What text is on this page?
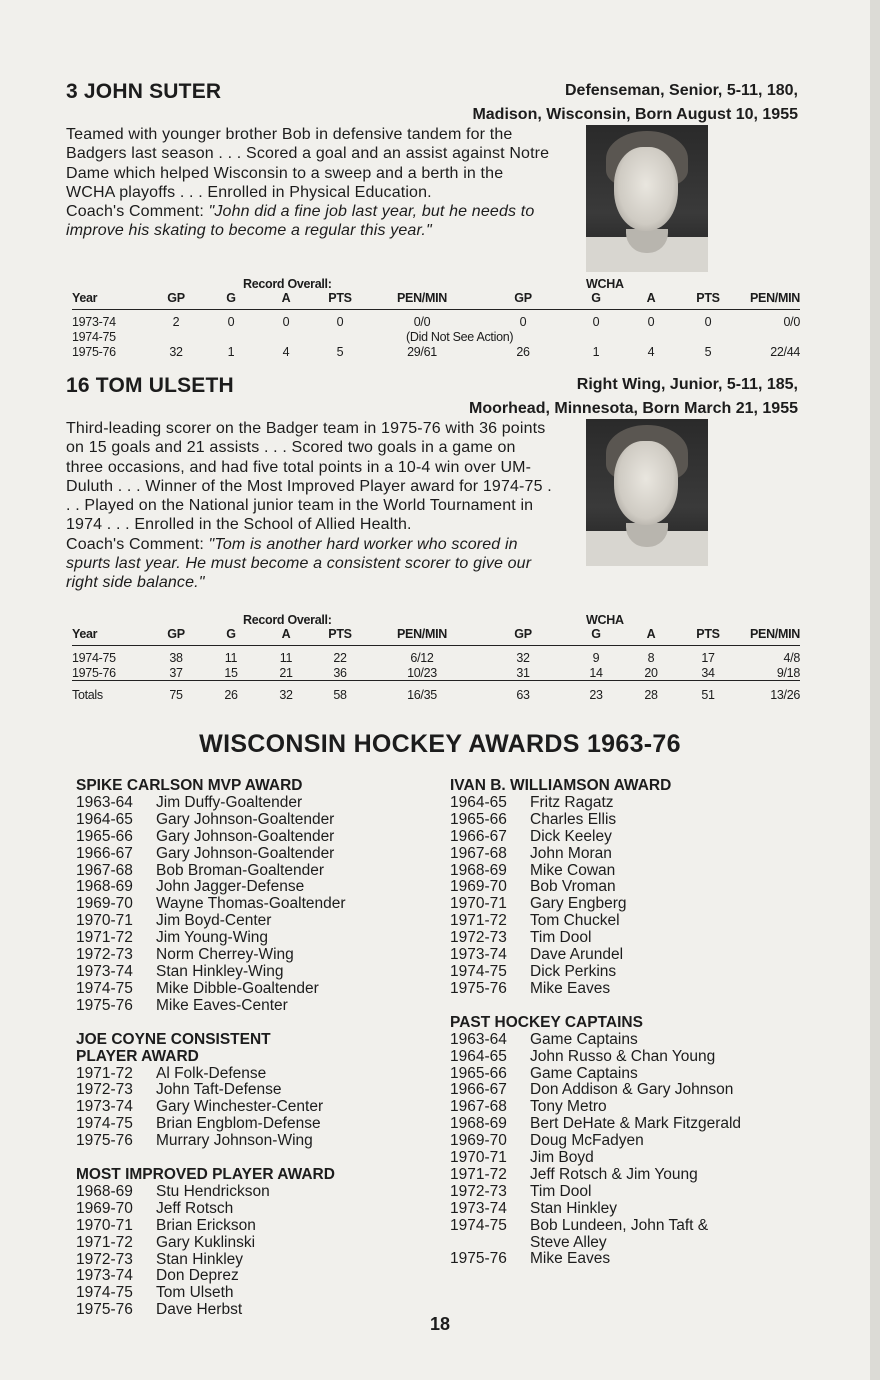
3 JOHN SUTER	Defenseman, Senior, 5-11, 180,
Madison, Wisconsin, Born August 10, 1955
Teamed with younger brother Bob in defensive tandem for the Badgers last season . . . Scored a goal and an assist against Notre Dame which helped Wisconsin to a sweep and a berth in the WCHA playoffs . . . Enrolled in Physical Education.
Coach's Comment: "John did a fine job last year, but he needs to improve his skating to become a regular this year."
	Record Overall:					WCHA				
Year	GP	G	A	PTS	PEN/MIN	GP	G	A	PTS	PEN/MIN

1973-74	2	0	0	0	0/0	0	0	0	0	0/0
1974-75	(Did Not See Action)									
1975-76	32	1	4	5	29/61	26	1	4	5	22/44
16 TOM ULSETH	Right Wing, Junior, 5-11, 185,
Moorhead, Minnesota, Born March 21, 1955
Third-leading scorer on the Badger team in 1975-76 with 36 points on 15 goals and 21 assists . . . Scored two goals in a game on three occasions, and had five total points in a 10-4 win over UM-Duluth . . . Winner of the Most Improved Player award for 1974-75 . . . Played on the National junior team in the World Tournament in 1974 . . . Enrolled in the School of Allied Health.
Coach's Comment: "Tom is another hard worker who scored in spurts last year. He must become a consistent scorer to give our right side balance."
	Record Overall:					WCHA				
Year	GP	G	A	PTS	PEN/MIN	GP	G	A	PTS	PEN/MIN

1974-75	38	11	11	22	6/12	32	9	8	17	4/8
1975-76	37	15	21	36	10/23	31	14	20	34	9/18

Totals	75	26	32	58	16/35	63	23	28	51	13/26
WISCONSIN HOCKEY AWARDS 1963-76
SPIKE CARLSON MVP AWARD
1963-64	Jim Duffy-Goaltender
1964-65	Gary Johnson-Goaltender
1965-66	Gary Johnson-Goaltender
1966-67	Gary Johnson-Goaltender
1967-68	Bob Broman-Goaltender
1968-69	John Jagger-Defense
1969-70	Wayne Thomas-Goaltender
1970-71	Jim Boyd-Center
1971-72	Jim Young-Wing
1972-73	Norm Cherrey-Wing
1973-74	Stan Hinkley-Wing
1974-75	Mike Dibble-Goaltender
1975-76	Mike Eaves-Center
JOE COYNE CONSISTENT PLAYER AWARD
1971-72	Al Folk-Defense
1972-73	John Taft-Defense
1973-74	Gary Winchester-Center
1974-75	Brian Engblom-Defense
1975-76	Murrary Johnson-Wing
MOST IMPROVED PLAYER AWARD
1968-69	Stu Hendrickson
1969-70	Jeff Rotsch
1970-71	Brian Erickson
1971-72	Gary Kuklinski
1972-73	Stan Hinkley
1973-74	Don Deprez
1974-75	Tom Ulseth
1975-76	Dave Herbst
IVAN B. WILLIAMSON AWARD
1964-65	Fritz Ragatz
1965-66	Charles Ellis
1966-67	Dick Keeley
1967-68	John Moran
1968-69	Mike Cowan
1969-70	Bob Vroman
1970-71	Gary Engberg
1971-72	Tom Chuckel
1972-73	Tim Dool
1973-74	Dave Arundel
1974-75	Dick Perkins
1975-76	Mike Eaves
PAST HOCKEY CAPTAINS
1963-64	Game Captains
1964-65	John Russo & Chan Young
1965-66	Game Captains
1966-67	Don Addison & Gary Johnson
1967-68	Tony Metro
1968-69	Bert DeHate & Mark Fitzgerald
1969-70	Doug McFadyen
1970-71	Jim Boyd
1971-72	Jeff Rotsch & Jim Young
1972-73	Tim Dool
1973-74	Stan Hinkley
1974-75	Bob Lundeen, John Taft & Steve Alley
1975-76	Mike Eaves
18
